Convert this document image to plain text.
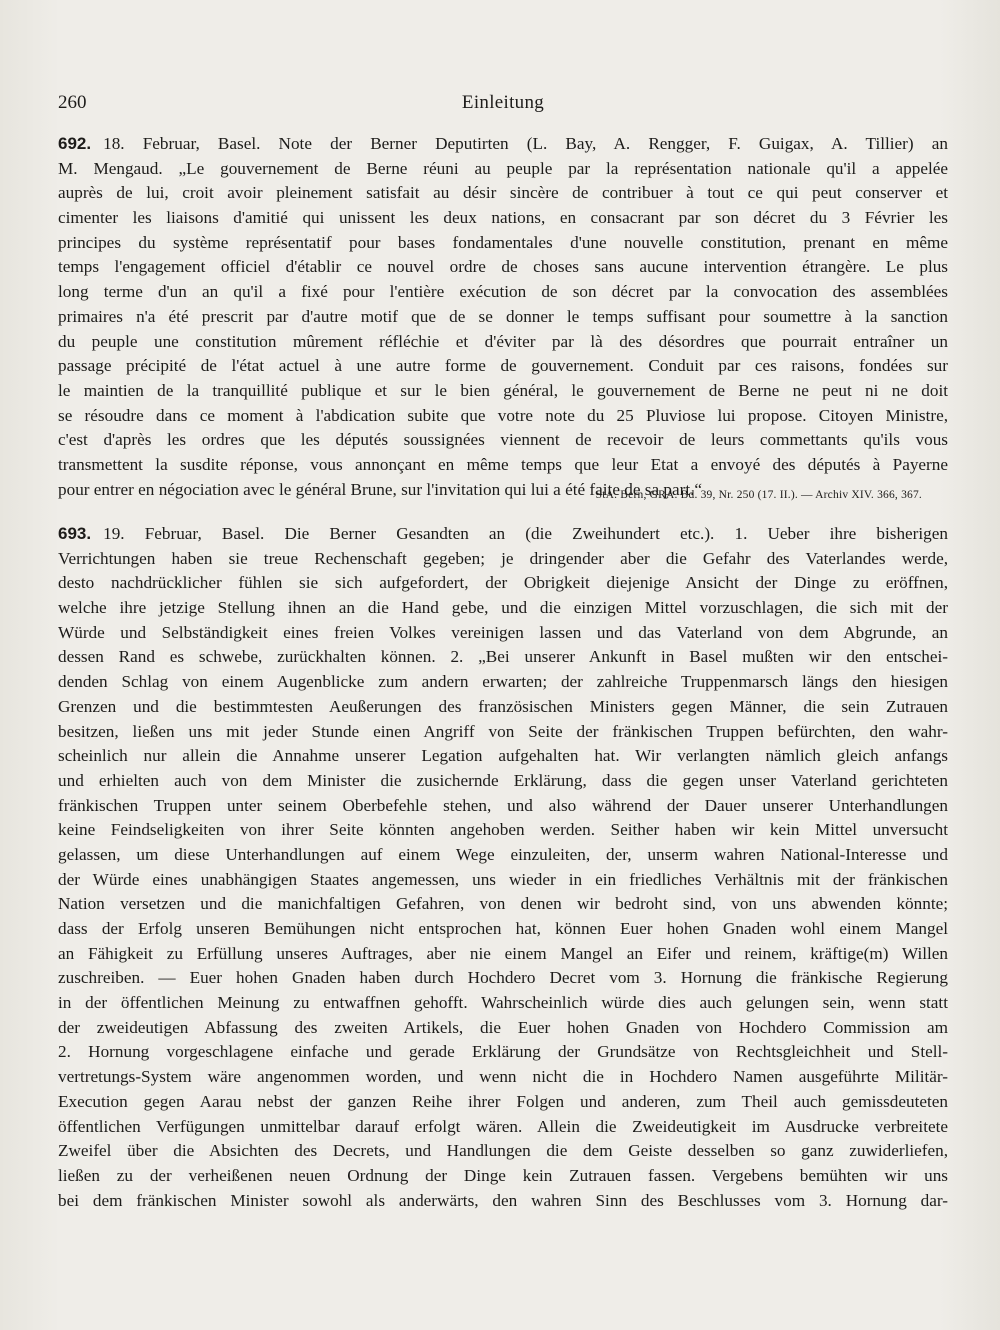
260	Einleitung
692. 18. Februar, Basel. Note der Berner Deputirten (L. Bay, A. Rengger, F. Guigax, A. Tillier) an
M. Mengaud. „Le gouvernement de Berne réuni au peuple par la représentation nationale qu'il a appelée
auprès de lui, croit avoir pleinement satisfait au désir sincère de contribuer à tout ce qui peut conserver et
cimenter les liaisons d'amitié qui unissent les deux nations, en consacrant par son décret du 3 Février les
principes du système représentatif pour bases fondamentales d'une nouvelle constitution, prenant en même
temps l'engagement officiel d'établir ce nouvel ordre de choses sans aucune intervention étrangère. Le plus
long terme d'un an qu'il a fixé pour l'entière exécution de son décret par la convocation des assemblées
primaires n'a été prescrit par d'autre motif que de se donner le temps suffisant pour soumettre à la sanction
du peuple une constitution mûrement réfléchie et d'éviter par là des désordres que pourrait entraîner un
passage précipité de l'état actuel à une autre forme de gouvernement. Conduit par ces raisons, fondées sur
le maintien de la tranquillité publique et sur le bien général, le gouvernement de Berne ne peut ni ne doit
se résoudre dans ce moment à l'abdication subite que votre note du 25 Pluviose lui propose. Citoyen Ministre,
c'est d'après les ordres que les députés soussignées viennent de recevoir de leurs commettants qu'ils vous
transmettent la susdite réponse, vous annonçant en même temps que leur Etat a envoyé des députés à Payerne
pour entrer en négociation avec le général Brune, sur l'invitation qui lui a été faite de sa part.“
StA. Bern, GRA. Bd. 39, Nr. 250 (17. II.). — Archiv XIV. 366, 367.
693. 19. Februar, Basel. Die Berner Gesandten an (die Zweihundert etc.). 1. Ueber ihre bisherigen
Verrichtungen haben sie treue Rechenschaft gegeben; je dringender aber die Gefahr des Vaterlandes werde,
desto nachdrücklicher fühlen sie sich aufgefordert, der Obrigkeit diejenige Ansicht der Dinge zu eröffnen,
welche ihre jetzige Stellung ihnen an die Hand gebe, und die einzigen Mittel vorzuschlagen, die sich mit der
Würde und Selbständigkeit eines freien Volkes vereinigen lassen und das Vaterland von dem Abgrunde, an
dessen Rand es schwebe, zurückhalten können. 2. „Bei unserer Ankunft in Basel mußten wir den entschei-
denden Schlag von einem Augenblicke zum andern erwarten; der zahlreiche Truppenmarsch längs den hiesigen
Grenzen und die bestimmtesten Aeußerungen des französischen Ministers gegen Männer, die sein Zutrauen
besitzen, ließen uns mit jeder Stunde einen Angriff von Seite der fränkischen Truppen befürchten, den wahr-
scheinlich nur allein die Annahme unserer Legation aufgehalten hat. Wir verlangten nämlich gleich anfangs
und erhielten auch von dem Minister die zusichernde Erklärung, dass die gegen unser Vaterland gerichteten
fränkischen Truppen unter seinem Oberbefehle stehen, und also während der Dauer unserer Unterhandlungen
keine Feindseligkeiten von ihrer Seite könnten angehoben werden. Seither haben wir kein Mittel unversucht
gelassen, um diese Unterhandlungen auf einem Wege einzuleiten, der, unserm wahren National-Interesse und
der Würde eines unabhängigen Staates angemessen, uns wieder in ein friedliches Verhältnis mit der fränkischen
Nation versetzen und die manichfaltigen Gefahren, von denen wir bedroht sind, von uns abwenden könnte;
dass der Erfolg unseren Bemühungen nicht entsprochen hat, können Euer hohen Gnaden wohl einem Mangel
an Fähigkeit zu Erfüllung unseres Auftrages, aber nie einem Mangel an Eifer und reinem, kräftige(m) Willen
zuschreiben. — Euer hohen Gnaden haben durch Hochdero Decret vom 3. Hornung die fränkische Regierung
in der öffentlichen Meinung zu entwaffnen gehofft. Wahrscheinlich würde dies auch gelungen sein, wenn statt
der zweideutigen Abfassung des zweiten Artikels, die Euer hohen Gnaden von Hochdero Commission am
2. Hornung vorgeschlagene einfache und gerade Erklärung der Grundsätze von Rechtsgleichheit und Stell-
vertretungs-System wäre angenommen worden, und wenn nicht die in Hochdero Namen ausgeführte Militär-
Execution gegen Aarau nebst der ganzen Reihe ihrer Folgen und anderen, zum Theil auch gemissdeuteten
öffentlichen Verfügungen unmittelbar darauf erfolgt wären. Allein die Zweideutigkeit im Ausdrucke verbreitete
Zweifel über die Absichten des Decrets, und Handlungen die dem Geiste desselben so ganz zuwiderliefen,
ließen zu der verheißenen neuen Ordnung der Dinge kein Zutrauen fassen. Vergebens bemühten wir uns
bei dem fränkischen Minister sowohl als anderwärts, den wahren Sinn des Beschlusses vom 3. Hornung dar-
